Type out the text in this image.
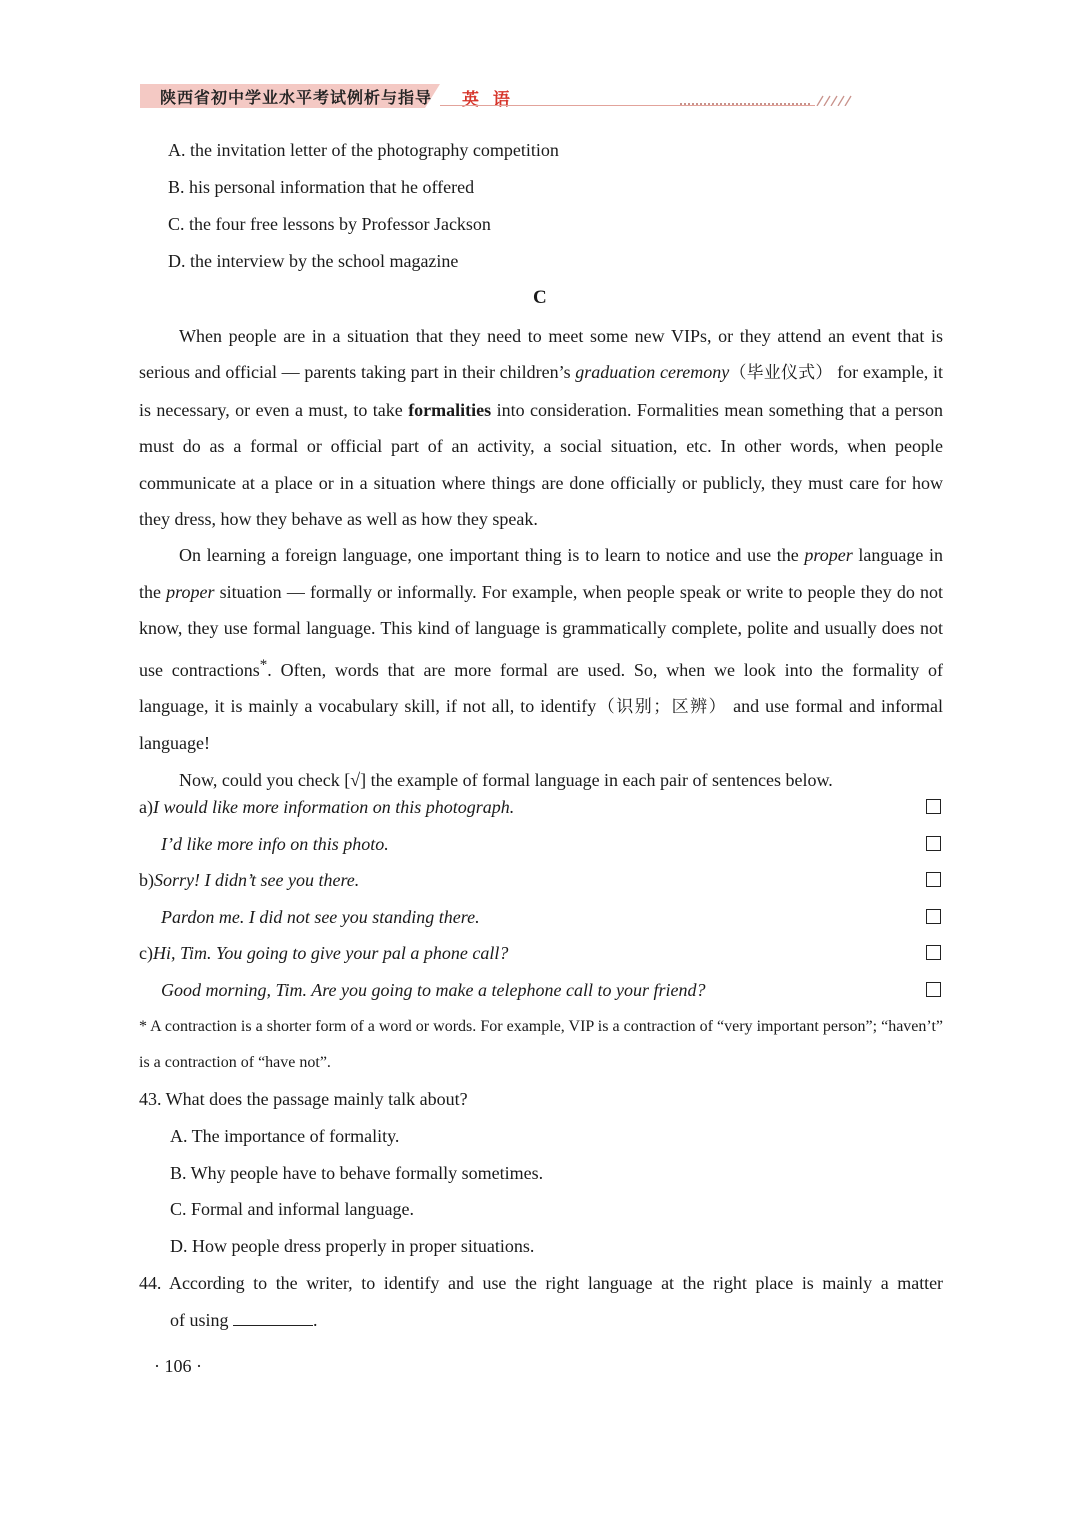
陕西省初中学业水平考试例析与指导 英 语
A. the invitation letter of the photography competition
B. his personal information that he offered
C. the four free lessons by Professor Jackson
D. the interview by the school magazine
C

When people are in a situation that they need to meet some new VIPs, or they attend an event that is serious and official — parents taking part in their children’s graduation ceremony（毕业仪式） for example, it is necessary, or even a must, to take formalities into consideration. Formalities mean something that a person must do as a formal or official part of an activity, a social situation, etc. In other words, when people communicate at a place or in a situation where things are done officially or publicly, they must care for how they dress, how they behave as well as how they speak.

On learning a foreign language, one important thing is to learn to notice and use the proper language in the proper situation — formally or informally. For example, when people speak or write to people they do not know, they use formal language. This kind of language is grammatically complete, polite and usually does not use contractions*. Often, words that are more formal are used. So, when we look into the formality of language, it is mainly a vocabulary skill, if not all, to identify（识别；区辨） and use formal and informal language!

Now, could you check [√] the example of formal language in each pair of sentences below.

a)I would like more information on this photograph.
I’d like more info on this photo.
b)Sorry! I didn’t see you there.
Pardon me. I did not see you standing there.
c)Hi, Tim. You going to give your pal a phone call?
Good morning, Tim. Are you going to make a telephone call to your friend?

* A contraction is a shorter form of a word or words. For example, VIP is a contraction of “very important person”; “haven’t” is a contraction of “have not”.

43. What does the passage mainly talk about?
A. The importance of formality.
B. Why people have to behave formally sometimes.
C. Formal and informal language.
D. How people dress properly in proper situations.
44. According to the writer, to identify and use the right language at the right place is mainly a matter
of using	.
· 106 ·
